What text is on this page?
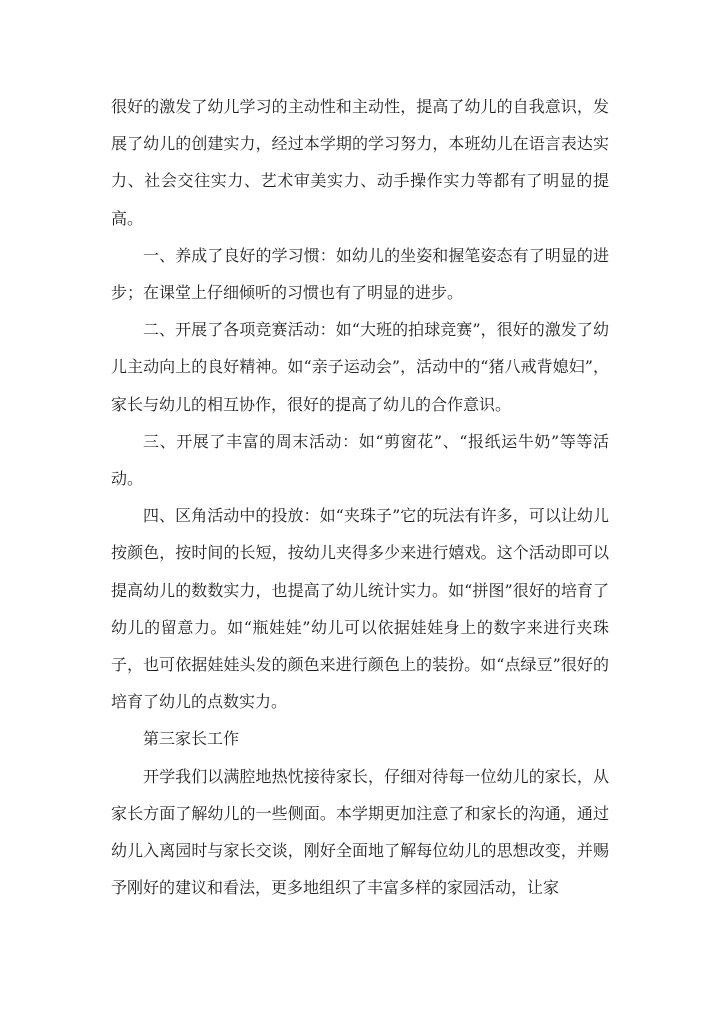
很好的激发了幼儿学习的主动性和主动性，提高了幼儿的自我意识，发展了幼儿的创建实力，经过本学期的学习努力，本班幼儿在语言表达实力、社会交往实力、艺术审美实力、动手操作实力等都有了明显的提高。

一、养成了良好的学习惯：如幼儿的坐姿和握笔姿态有了明显的进步；在课堂上仔细倾听的习惯也有了明显的进步。

二、开展了各项竞赛活动：如“大班的拍球竞赛”，很好的激发了幼儿主动向上的良好精神。如“亲子运动会”，活动中的“猪八戒背媳妇”，家长与幼儿的相互协作，很好的提高了幼儿的合作意识。

三、开展了丰富的周末活动：如“剪窗花”、“报纸运牛奶”等等活动。

四、区角活动中的投放：如“夹珠子”它的玩法有许多，可以让幼儿按颜色，按时间的长短，按幼儿夹得多少来进行嬉戏。这个活动即可以提高幼儿的数数实力，也提高了幼儿统计实力。如“拼图”很好的培育了幼儿的留意力。如“瓶娃娃”幼儿可以依据娃娃身上的数字来进行夹珠子，也可依据娃娃头发的颜色来进行颜色上的装扮。如“点绿豆”很好的培育了幼儿的点数实力。

第三家长工作

开学我们以满腔地热忱接待家长，仔细对待每一位幼儿的家长，从家长方面了解幼儿的一些侧面。本学期更加注意了和家长的沟通，通过幼儿入离园时与家长交谈，刚好全面地了解每位幼儿的思想改变，并赐予刚好的建议和看法，更多地组织了丰富多样的家园活动，让家
